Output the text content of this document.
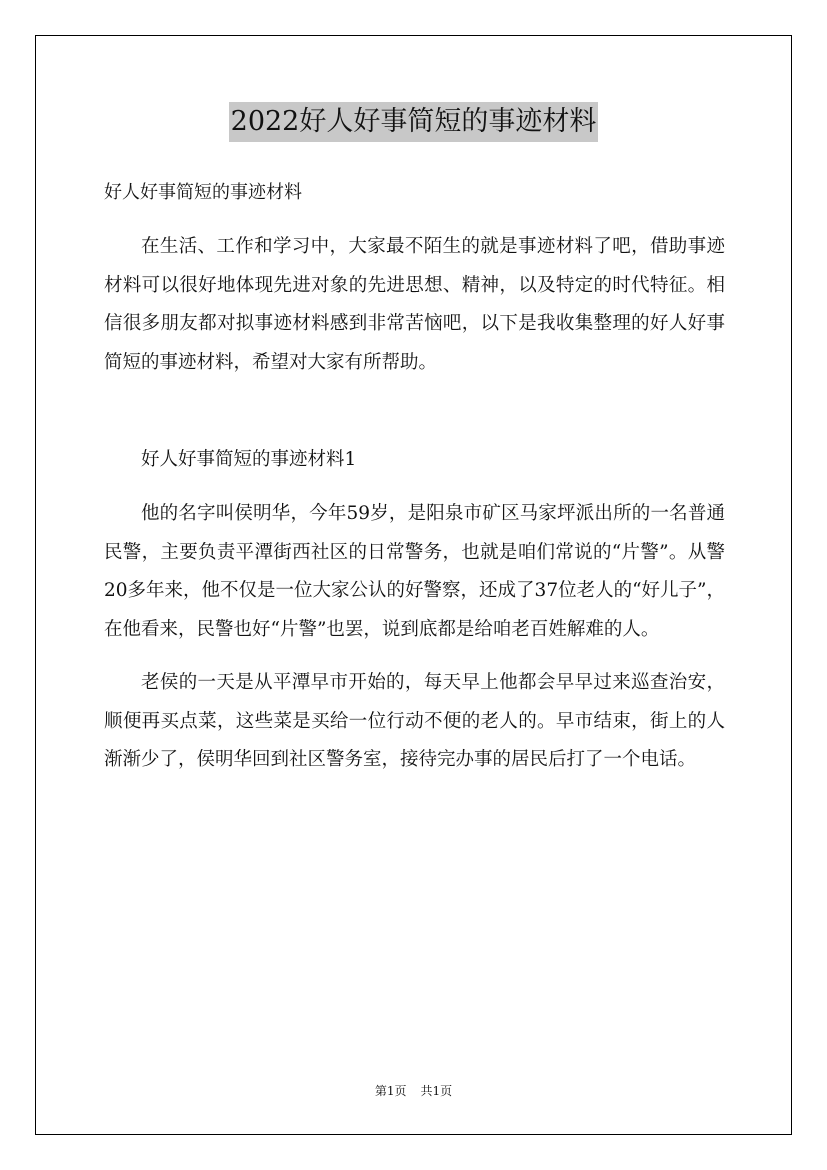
2022好人好事简短的事迹材料
好人好事简短的事迹材料

在生活、工作和学习中，大家最不陌生的就是事迹材料了吧，借助事迹材料可以很好地体现先进对象的先进思想、精神，以及特定的时代特征。相信很多朋友都对拟事迹材料感到非常苦恼吧，以下是我收集整理的好人好事简短的事迹材料，希望对大家有所帮助。

好人好事简短的事迹材料1

他的名字叫侯明华，今年59岁，是阳泉市矿区马家坪派出所的一名普通民警，主要负责平潭街西社区的日常警务，也就是咱们常说的“片警”。从警20多年来，他不仅是一位大家公认的好警察，还成了37位老人的“好儿子”，在他看来，民警也好“片警”也罢，说到底都是给咱老百姓解难的人。

老侯的一天是从平潭早市开始的，每天早上他都会早早过来巡查治安，顺便再买点菜，这些菜是买给一位行动不便的老人的。早市结束，街上的人渐渐少了，侯明华回到社区警务室，接待完办事的居民后打了一个电话。

第1页 共1页
